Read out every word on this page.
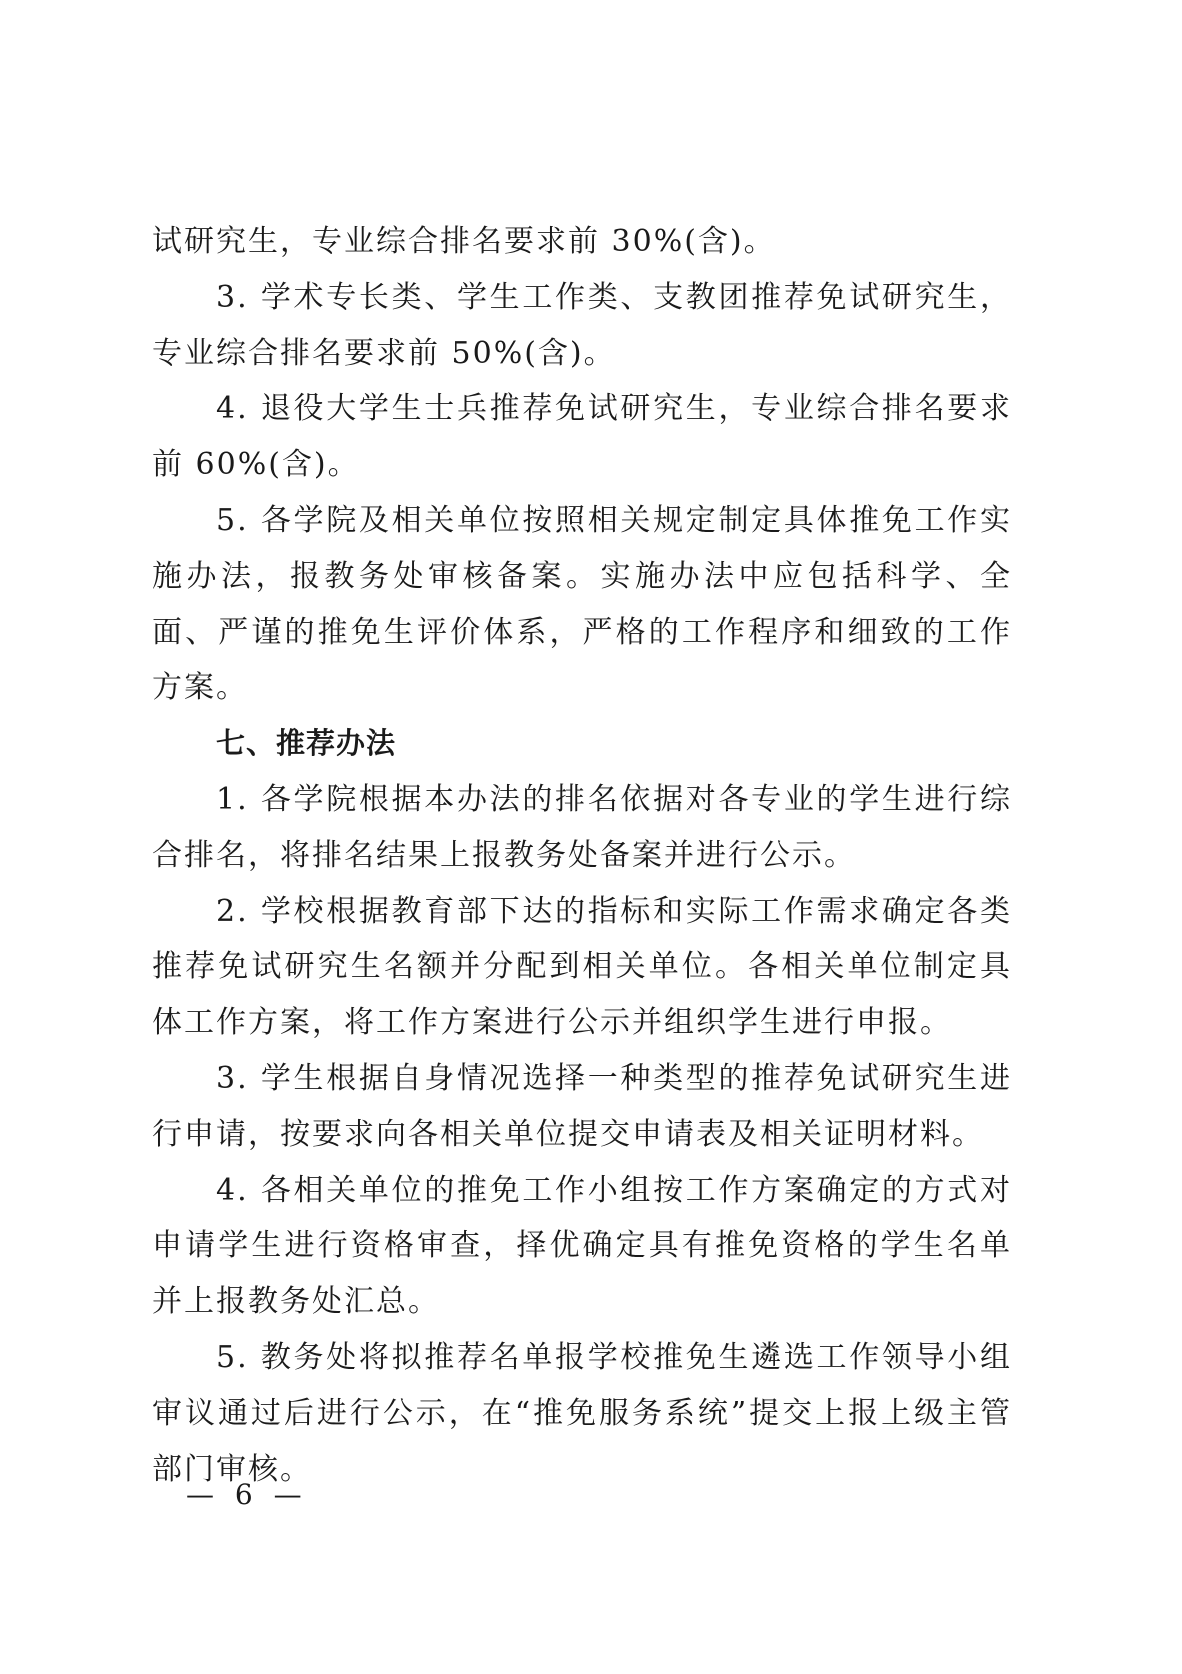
试研究生，专业综合排名要求前 30%(含)。

3. 学术专长类、学生工作类、支教团推荐免试研究生，专业综合排名要求前 50%(含)。

4. 退役大学生士兵推荐免试研究生，专业综合排名要求前 60%(含)。

5. 各学院及相关单位按照相关规定制定具体推免工作实施办法，报教务处审核备案。实施办法中应包括科学、全面、严谨的推免生评价体系，严格的工作程序和细致的工作方案。

七、推荐办法

1. 各学院根据本办法的排名依据对各专业的学生进行综合排名，将排名结果上报教务处备案并进行公示。

2. 学校根据教育部下达的指标和实际工作需求确定各类推荐免试研究生名额并分配到相关单位。各相关单位制定具体工作方案，将工作方案进行公示并组织学生进行申报。

3. 学生根据自身情况选择一种类型的推荐免试研究生进行申请，按要求向各相关单位提交申请表及相关证明材料。

4. 各相关单位的推免工作小组按工作方案确定的方式对申请学生进行资格审查，择优确定具有推免资格的学生名单并上报教务处汇总。

5. 教务处将拟推荐名单报学校推免生遴选工作领导小组审议通过后进行公示，在“推免服务系统”提交上报上级主管部门审核。

— 6 —
